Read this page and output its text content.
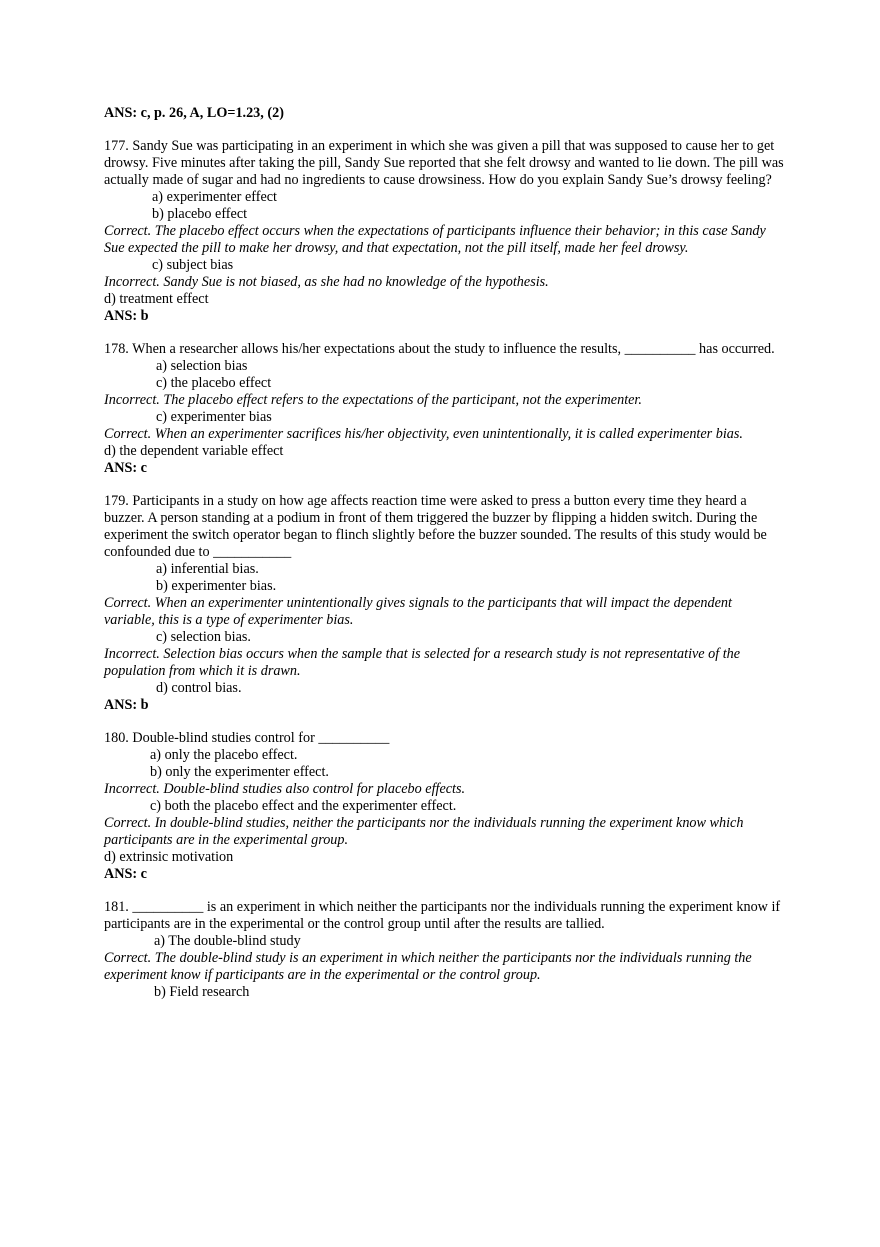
ANS: c, p. 26, A, LO=1.23, (2)

177. Sandy Sue was participating in an experiment in which she was given a pill that was supposed to cause her to get drowsy. Five minutes after taking the pill, Sandy Sue reported that she felt drowsy and wanted to lie down. The pill was actually made of sugar and had no ingredients to cause drowsiness. How do you explain Sandy Sue’s drowsy feeling?

a) experimenter effect

b) placebo effect

Correct. The placebo effect occurs when the expectations of participants influence their behavior; in this case Sandy Sue expected the pill to make her drowsy, and that expectation, not the pill itself, made her feel drowsy.

c) subject bias

Incorrect. Sandy Sue is not biased, as she had no knowledge of the hypothesis.

d) treatment effect

ANS: b

178. When a researcher allows his/her expectations about the study to influence the results, __________ has occurred.

a) selection bias

c) the placebo effect

Incorrect. The placebo effect refers to the expectations of the participant, not the experimenter.

c) experimenter bias

Correct. When an experimenter sacrifices his/her objectivity, even unintentionally, it is called experimenter bias.

d) the dependent variable effect

ANS: c

179. Participants in a study on how age affects reaction time were asked to press a button every time they heard a buzzer. A person standing at a podium in front of them triggered the buzzer by flipping a hidden switch. During the experiment the switch operator began to flinch slightly before the buzzer sounded. The results of this study would be confounded due to ___________

a) inferential bias.

b) experimenter bias.

Correct. When an experimenter unintentionally gives signals to the participants that will impact the dependent variable, this is a type of experimenter bias.

c) selection bias.

Incorrect. Selection bias occurs when the sample that is selected for a research study is not representative of the population from which it is drawn.

d) control bias.

ANS: b

180. Double-blind studies control for __________

a) only the placebo effect.

b) only the experimenter effect.

Incorrect. Double-blind studies also control for placebo effects.

c) both the placebo effect and the experimenter effect.

Correct. In double-blind studies, neither the participants nor the individuals running the experiment know which participants are in the experimental group.

d) extrinsic motivation

ANS: c

181. __________ is an experiment in which neither the participants nor the individuals running the experiment know if participants are in the experimental or the control group until after the results are tallied.

a) The double-blind study

Correct. The double-blind study is an experiment in which neither the participants nor the individuals running the experiment know if participants are in the experimental or the control group.

b) Field research
